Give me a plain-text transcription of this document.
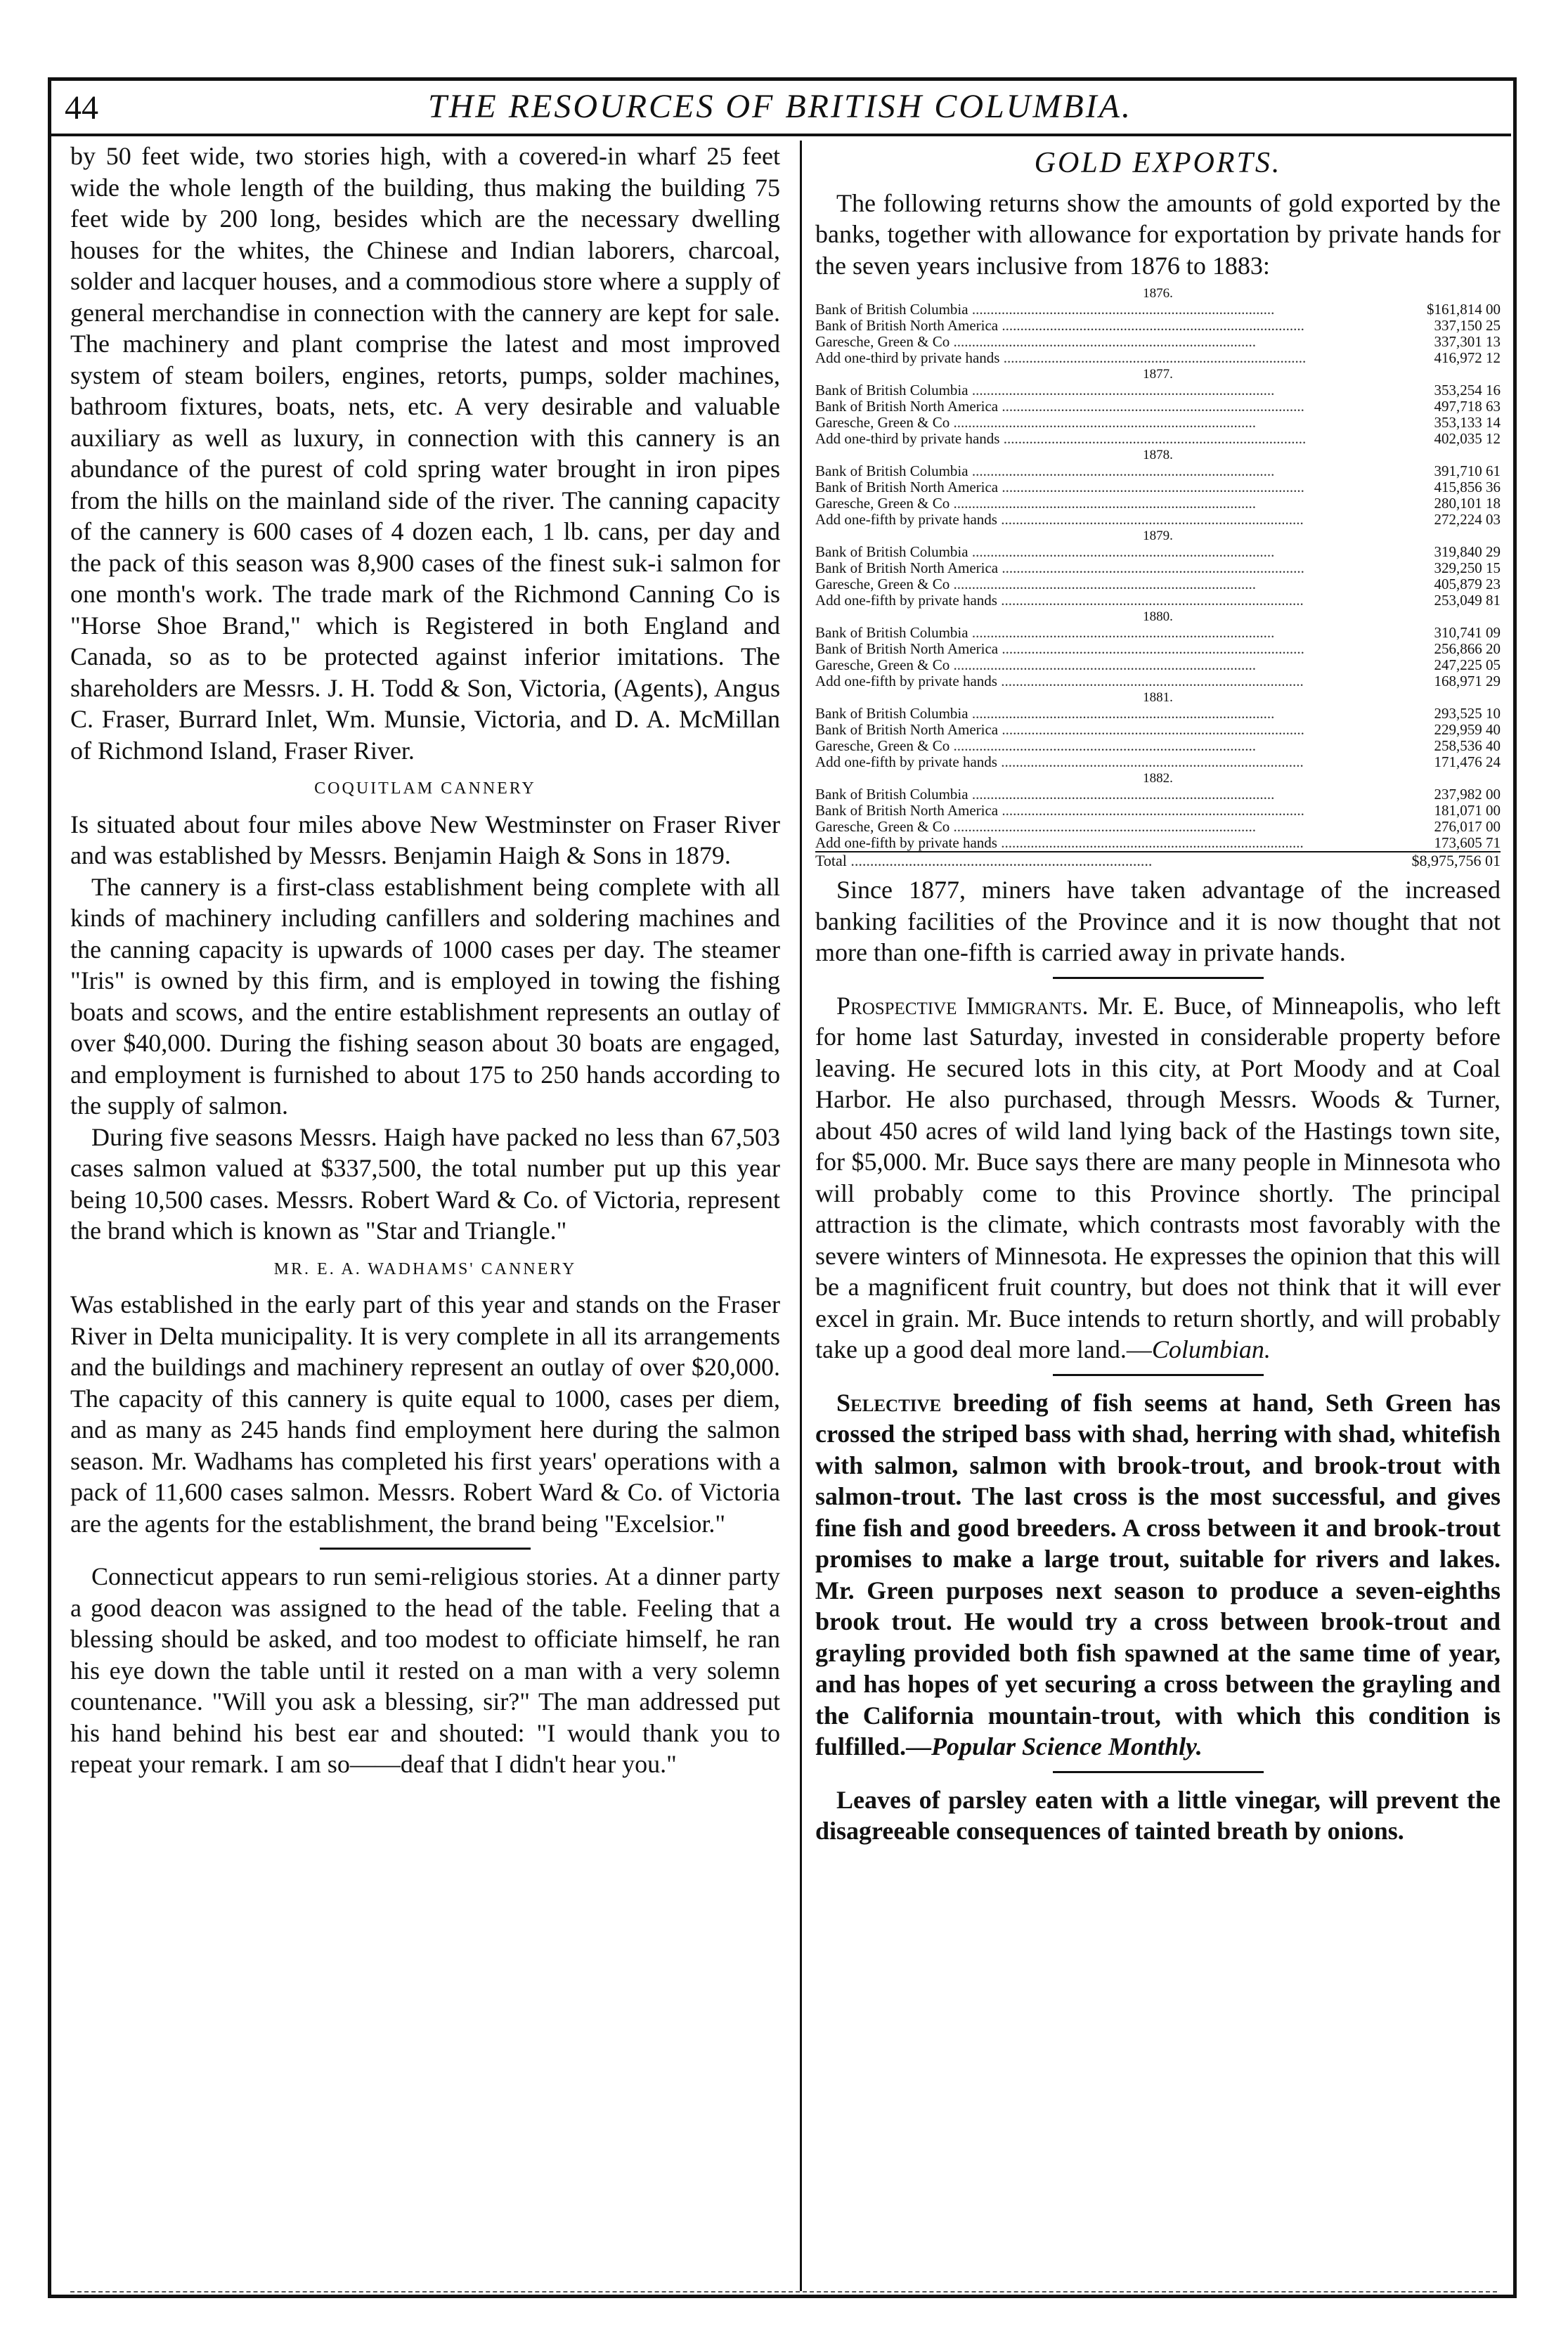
44	THE RESOURCES OF BRITISH COLUMBIA.

by 50 feet wide, two stories high, with a covered-in wharf 25 feet wide the whole length of the building, thus making the building 75 feet wide by 200 long, besides which are the necessary dwelling houses for the whites, the Chinese and Indian laborers, charcoal, solder and lacquer houses, and a commodious store where a supply of general merchandise in connection with the cannery are kept for sale. The machinery and plant comprise the latest and most improved system of steam boilers, engines, retorts, pumps, solder machines, bathroom fixtures, boats, nets, etc. A very desirable and valuable auxiliary as well as luxury, in connection with this cannery is an abundance of the purest of cold spring water brought in iron pipes from the hills on the mainland side of the river. The canning capacity of the cannery is 600 cases of 4 dozen each, 1 lb. cans, per day and the pack of this season was 8,900 cases of the finest suk-i salmon for one month's work. The trade mark of the Richmond Canning Co is "Horse Shoe Brand," which is Registered in both England and Canada, so as to be protected against inferior imitations. The shareholders are Messrs. J. H. Todd & Son, Victoria, (Agents), Angus C. Fraser, Burrard Inlet, Wm. Munsie, Victoria, and D. A. McMillan of Richmond Island, Fraser River.

COQUITLAM CANNERY

Is situated about four miles above New Westminster on Fraser River and was established by Messrs. Benjamin Haigh & Sons in 1879.

The cannery is a first-class establishment being complete with all kinds of machinery including canfillers and soldering machines and the canning capacity is upwards of 1000 cases per day. The steamer "Iris" is owned by this firm, and is employed in towing the fishing boats and scows, and the entire establishment represents an outlay of over $40,000. During the fishing season about 30 boats are engaged, and employment is furnished to about 175 to 250 hands according to the supply of salmon.

During five seasons Messrs. Haigh have packed no less than 67,503 cases salmon valued at $337,500, the total number put up this year being 10,500 cases. Messrs. Robert Ward & Co. of Victoria, represent the brand which is known as "Star and Triangle."

MR. E. A. WADHAMS' CANNERY

Was established in the early part of this year and stands on the Fraser River in Delta municipality. It is very complete in all its arrangements and the buildings and machinery represent an outlay of over $20,000. The capacity of this cannery is quite equal to 1000, cases per diem, and as many as 245 hands find employment here during the salmon season. Mr. Wadhams has completed his first years' operations with a pack of 11,600 cases salmon. Messrs. Robert Ward & Co. of Victoria are the agents for the establishment, the brand being "Excelsior."

Connecticut appears to run semi-religious stories. At a dinner party a good deacon was assigned to the head of the table. Feeling that a blessing should be asked, and too modest to officiate himself, he ran his eye down the table until it rested on a man with a very solemn countenance. "Will you ask a blessing, sir?" The man addressed put his hand behind his best ear and shouted: "I would thank you to repeat your remark. I am so——deaf that I didn't hear you."

GOLD EXPORTS.

The following returns show the amounts of gold exported by the banks, together with allowance for exportation by private hands for the seven years inclusive from 1876 to 1883:

1876.	
Bank of British Columbia ..................................................................................	$161,814 00
Bank of British North America ..................................................................................	337,150 25
Garesche, Green & Co ..................................................................................	337,301 13
Add one-third by private hands ..................................................................................	416,972 12
1877.	
Bank of British Columbia ..................................................................................	353,254 16
Bank of British North America ..................................................................................	497,718 63
Garesche, Green & Co ..................................................................................	353,133 14
Add one-third by private hands ..................................................................................	402,035 12
1878.	
Bank of British Columbia ..................................................................................	391,710 61
Bank of British North America ..................................................................................	415,856 36
Garesche, Green & Co ..................................................................................	280,101 18
Add one-fifth by private hands ..................................................................................	272,224 03
1879.	
Bank of British Columbia ..................................................................................	319,840 29
Bank of British North America ..................................................................................	329,250 15
Garesche, Green & Co ..................................................................................	405,879 23
Add one-fifth by private hands ..................................................................................	253,049 81
1880.	
Bank of British Columbia ..................................................................................	310,741 09
Bank of British North America ..................................................................................	256,866 20
Garesche, Green & Co ..................................................................................	247,225 05
Add one-fifth by private hands ..................................................................................	168,971 29
1881.	
Bank of British Columbia ..................................................................................	293,525 10
Bank of British North America ..................................................................................	229,959 40
Garesche, Green & Co ..................................................................................	258,536 40
Add one-fifth by private hands ..................................................................................	171,476 24
1882.	
Bank of British Columbia ..................................................................................	237,982 00
Bank of British North America ..................................................................................	181,071 00
Garesche, Green & Co ..................................................................................	276,017 00
Add one-fifth by private hands ..................................................................................	173,605 71
Total ..............................................................................	$8,975,756 01

Since 1877, miners have taken advantage of the increased banking facilities of the Province and it is now thought that not more than one-fifth is carried away in private hands.

Prospective Immigrants. Mr. E. Buce, of Minneapolis, who left for home last Saturday, invested in considerable property before leaving. He secured lots in this city, at Port Moody and at Coal Harbor. He also purchased, through Messrs. Woods & Turner, about 450 acres of wild land lying back of the Hastings town site, for $5,000. Mr. Buce says there are many people in Minnesota who will probably come to this Province shortly. The principal attraction is the climate, which contrasts most favorably with the severe winters of Minnesota. He expresses the opinion that this will be a magnificent fruit country, but does not think that it will ever excel in grain. Mr. Buce intends to return shortly, and will probably take up a good deal more land.—Columbian.

Selective breeding of fish seems at hand, Seth Green has crossed the striped bass with shad, herring with shad, whitefish with salmon, salmon with brook-trout, and brook-trout with salmon-trout. The last cross is the most successful, and gives fine fish and good breeders. A cross between it and brook-trout promises to make a large trout, suitable for rivers and lakes. Mr. Green purposes next season to produce a seven-eighths brook trout. He would try a cross between brook-trout and grayling provided both fish spawned at the same time of year, and has hopes of yet securing a cross between the grayling and the California mountain-trout, with which this condition is fulfilled.—Popular Science Monthly.

Leaves of parsley eaten with a little vinegar, will prevent the disagreeable consequences of tainted breath by onions.
